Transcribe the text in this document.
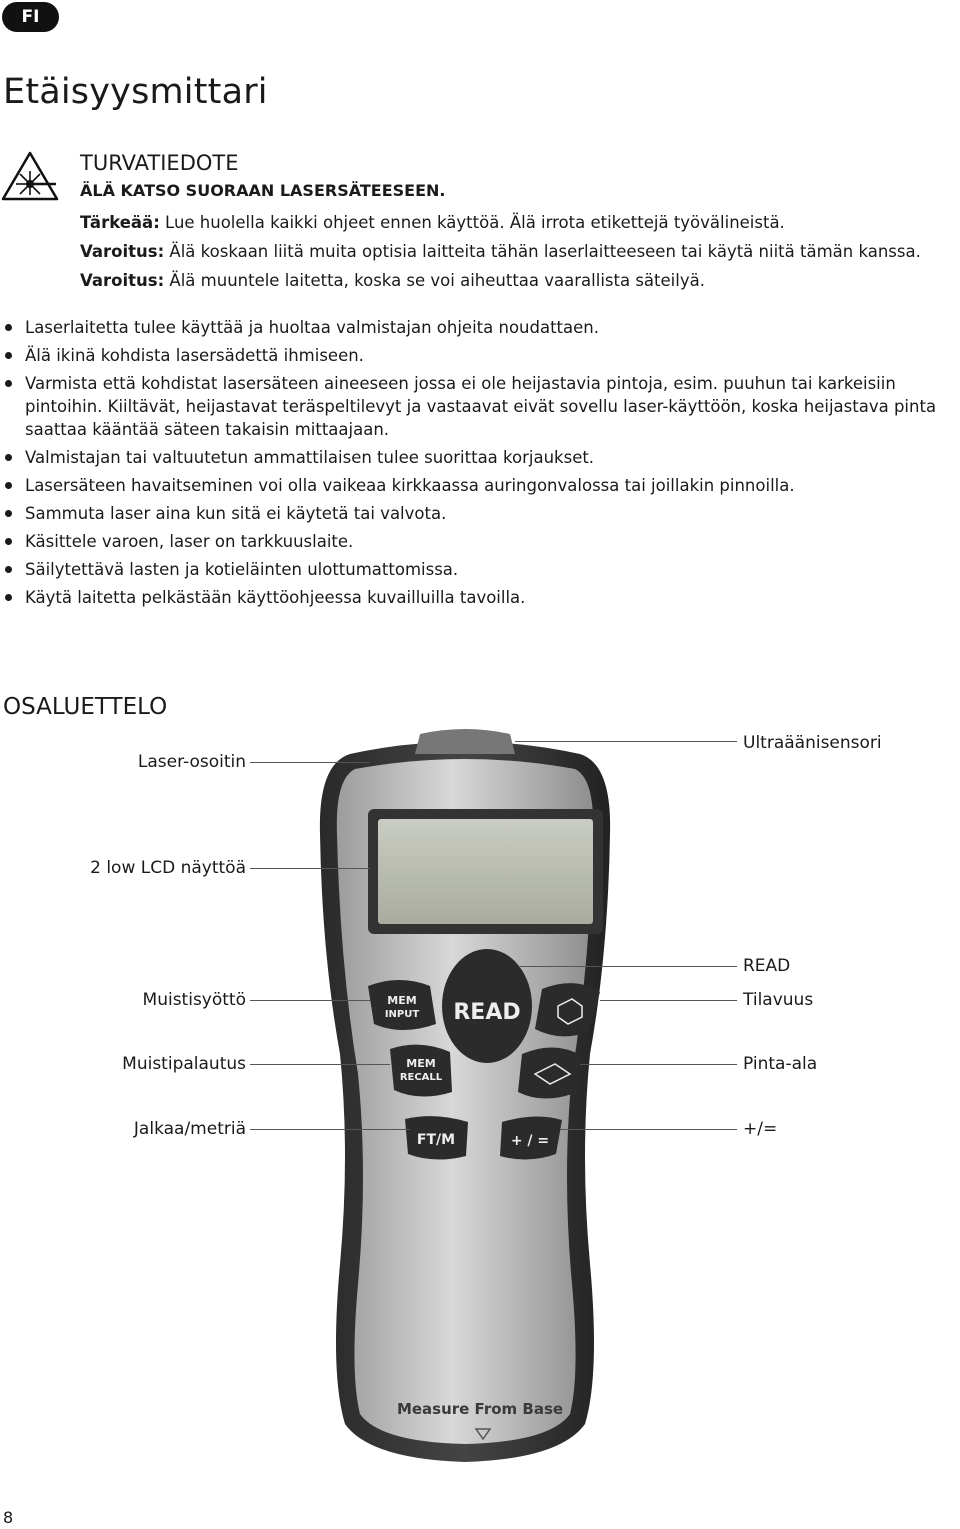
FI
Etäisyysmittari
TURVATIEDOTE
ÄLÄ KATSO SUORAAN LASERSÄTEESEEN.

Tärkeää: Lue huolella kaikki ohjeet ennen käyttöä. Älä irrota etikettejä työvälineistä.

Varoitus: Älä koskaan liitä muita optisia laitteita tähän laserlaitteeseen tai käytä niitä tämän kanssa.

Varoitus: Älä muuntele laitetta, koska se voi aiheuttaa vaarallista säteilyä.

Laserlaitetta tulee käyttää ja huoltaa valmistajan ohjeita noudattaen.
Älä ikinä kohdista lasersädettä ihmiseen.
Varmista että kohdistat lasersäteen aineeseen jossa ei ole heijastavia pintoja, esim. puuhun tai karkeisiin pintoihin. Kiiltävät, heijastavat teräspeltilevyt ja vastaavat eivät sovellu laser-käyttöön, koska heijastava pinta saattaa kääntää säteen takaisin mittaajaan.
Valmistajan tai valtuutetun ammattilaisen tulee suorittaa korjaukset.
Lasersäteen havaitseminen voi olla vaikeaa kirkkaassa auringonvalossa tai joillakin pinnoilla.
Sammuta laser aina kun sitä ei käytetä tai valvota.
Käsittele varoen, laser on tarkkuuslaite.
Säilytettävä lasten ja kotieläinten ulottumattomissa.
Käytä laitetta pelkästään käyttöohjeessa kuvailluilla tavoilla.
OSALUETTELO
MEM
INPUT READ
MEM
RECALL
FT/M	+ / =
Measure From Base
Laser-osoitin
2 low LCD näyttöä
Muistisyöttö
Muistipalautus
Jalkaa/metriä
Ultraäänisensori
READ
Tilavuus
Pinta-ala
+/=
8
